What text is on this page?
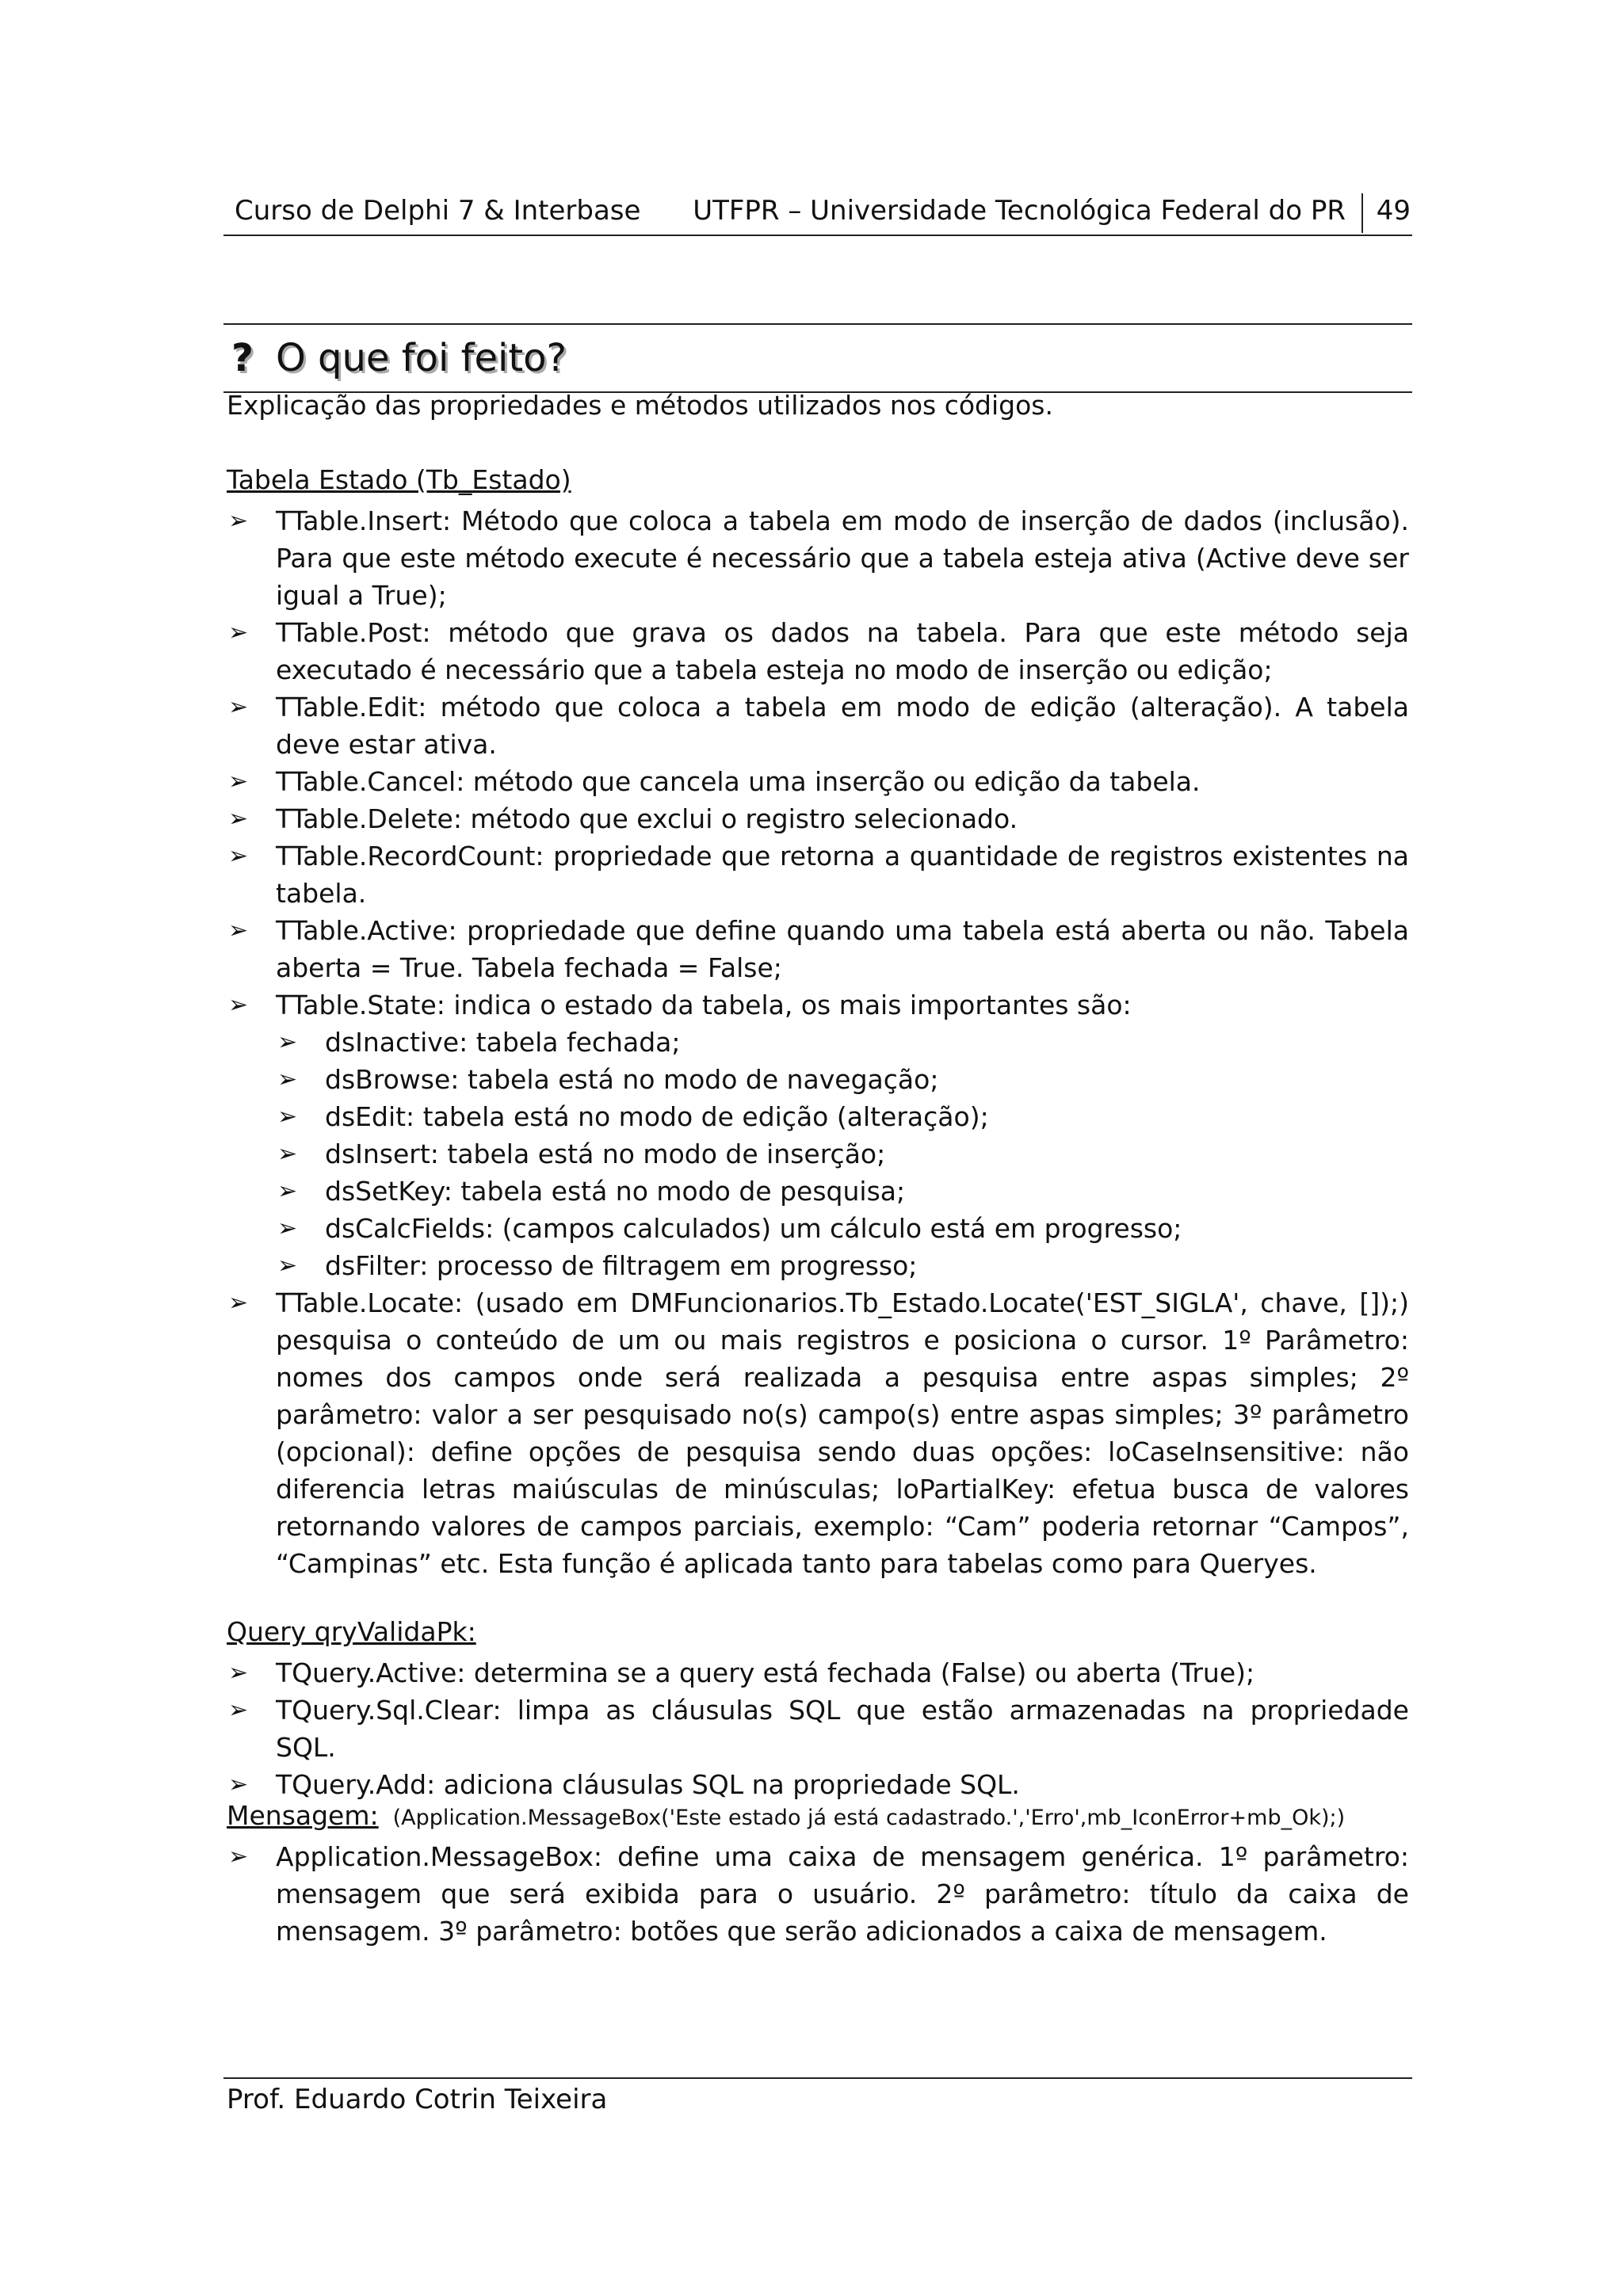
Curso de Delphi 7 & Interbase UTFPR – Universidade Tecnológica Federal do PR 49
? O que foi feito?
Explicação das propriedades e métodos utilizados nos códigos.
Tabela Estado (Tb_Estado)
➢ TTable.Insert: Método que coloca a tabela em modo de inserção de dados (inclusão). Para que este método execute é necessário que a tabela esteja ativa (Active deve ser igual a True);
➢ TTable.Post: método que grava os dados na tabela. Para que este método seja executado é necessário que a tabela esteja no modo de inserção ou edição;
➢ TTable.Edit: método que coloca a tabela em modo de edição (alteração). A tabela deve estar ativa.
➢ TTable.Cancel: método que cancela uma inserção ou edição da tabela.
➢ TTable.Delete: método que exclui o registro selecionado.
➢ TTable.RecordCount: propriedade que retorna a quantidade de registros existentes na tabela.
➢ TTable.Active: propriedade que define quando uma tabela está aberta ou não. Tabela aberta = True. Tabela fechada = False;
➢ TTable.State: indica o estado da tabela, os mais importantes são:
➢ dsInactive: tabela fechada;
➢ dsBrowse: tabela está no modo de navegação;
➢ dsEdit: tabela está no modo de edição (alteração);
➢ dsInsert: tabela está no modo de inserção;
➢ dsSetKey: tabela está no modo de pesquisa;
➢ dsCalcFields: (campos calculados) um cálculo está em progresso;
➢ dsFilter: processo de filtragem em progresso;
➢ TTable.Locate: (usado em DMFuncionarios.Tb_Estado.Locate('EST_SIGLA', chave, []);) pesquisa o conteúdo de um ou mais registros e posiciona o cursor. 1º Parâmetro: nomes dos campos onde será realizada a pesquisa entre aspas simples; 2º parâmetro: valor a ser pesquisado no(s) campo(s) entre aspas simples; 3º parâmetro (opcional): define opções de pesquisa sendo duas opções: loCaseInsensitive: não diferencia letras maiúsculas de minúsculas; loPartialKey: efetua busca de valores retornando valores de campos parciais, exemplo: “Cam” poderia retornar “Campos”, “Campinas” etc. Esta função é aplicada tanto para tabelas como para Queryes.
Query qryValidaPk:
➢ TQuery.Active: determina se a query está fechada (False) ou aberta (True);
➢ TQuery.Sql.Clear: limpa as cláusulas SQL que estão armazenadas na propriedade SQL.
➢ TQuery.Add: adiciona cláusulas SQL na propriedade SQL.
Mensagem: (Application.MessageBox('Este estado já está cadastrado.','Erro',mb_IconError+mb_Ok);)
➢ Application.MessageBox: define uma caixa de mensagem genérica. 1º parâmetro: mensagem que será exibida para o usuário. 2º parâmetro: título da caixa de mensagem. 3º parâmetro: botões que serão adicionados a caixa de mensagem.
Prof. Eduardo Cotrin Teixeira
